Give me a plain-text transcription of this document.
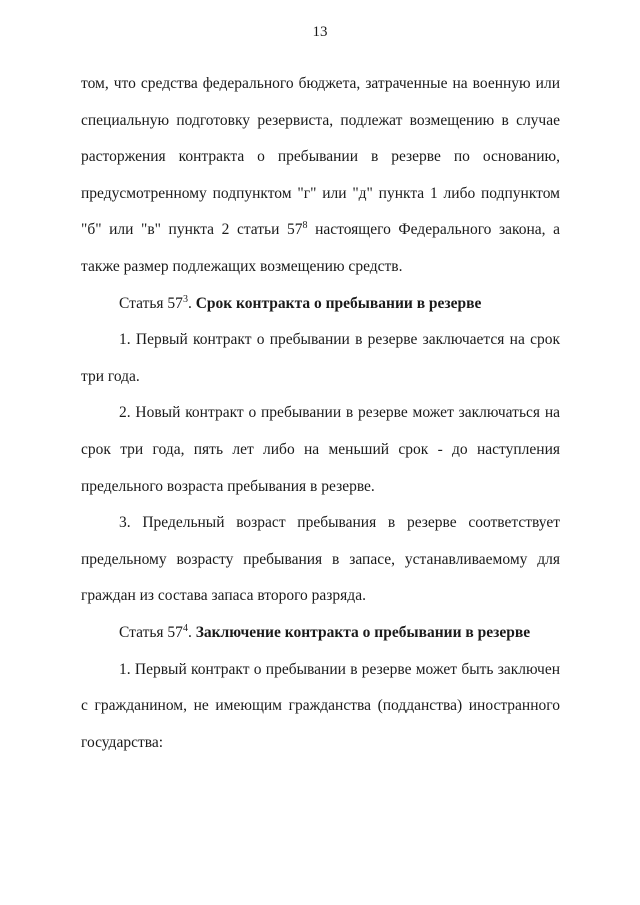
13

том, что средства федерального бюджета, затраченные на военную или специальную подготовку резервиста, подлежат возмещению в случае расторжения контракта о пребывании в резерве по основанию, предусмотренному подпунктом "г" или "д" пункта 1 либо подпунктом "б" или "в" пункта 2 статьи $57^8$ настоящего Федерального закона, а также размер подлежащих возмещению средств.

Статья $57^3$. Срок контракта о пребывании в резерве

1. Первый контракт о пребывании в резерве заключается на срок три года.

2. Новый контракт о пребывании в резерве может заключаться на срок три года, пять лет либо на меньший срок - до наступления предельного возраста пребывания в резерве.

3. Предельный возраст пребывания в резерве соответствует предельному возрасту пребывания в запасе, устанавливаемому для граждан из состава запаса второго разряда.

Статья $57^4$. Заключение контракта о пребывании в резерве

1. Первый контракт о пребывании в резерве может быть заключен с гражданином, не имеющим гражданства (подданства) иностранного государства:
